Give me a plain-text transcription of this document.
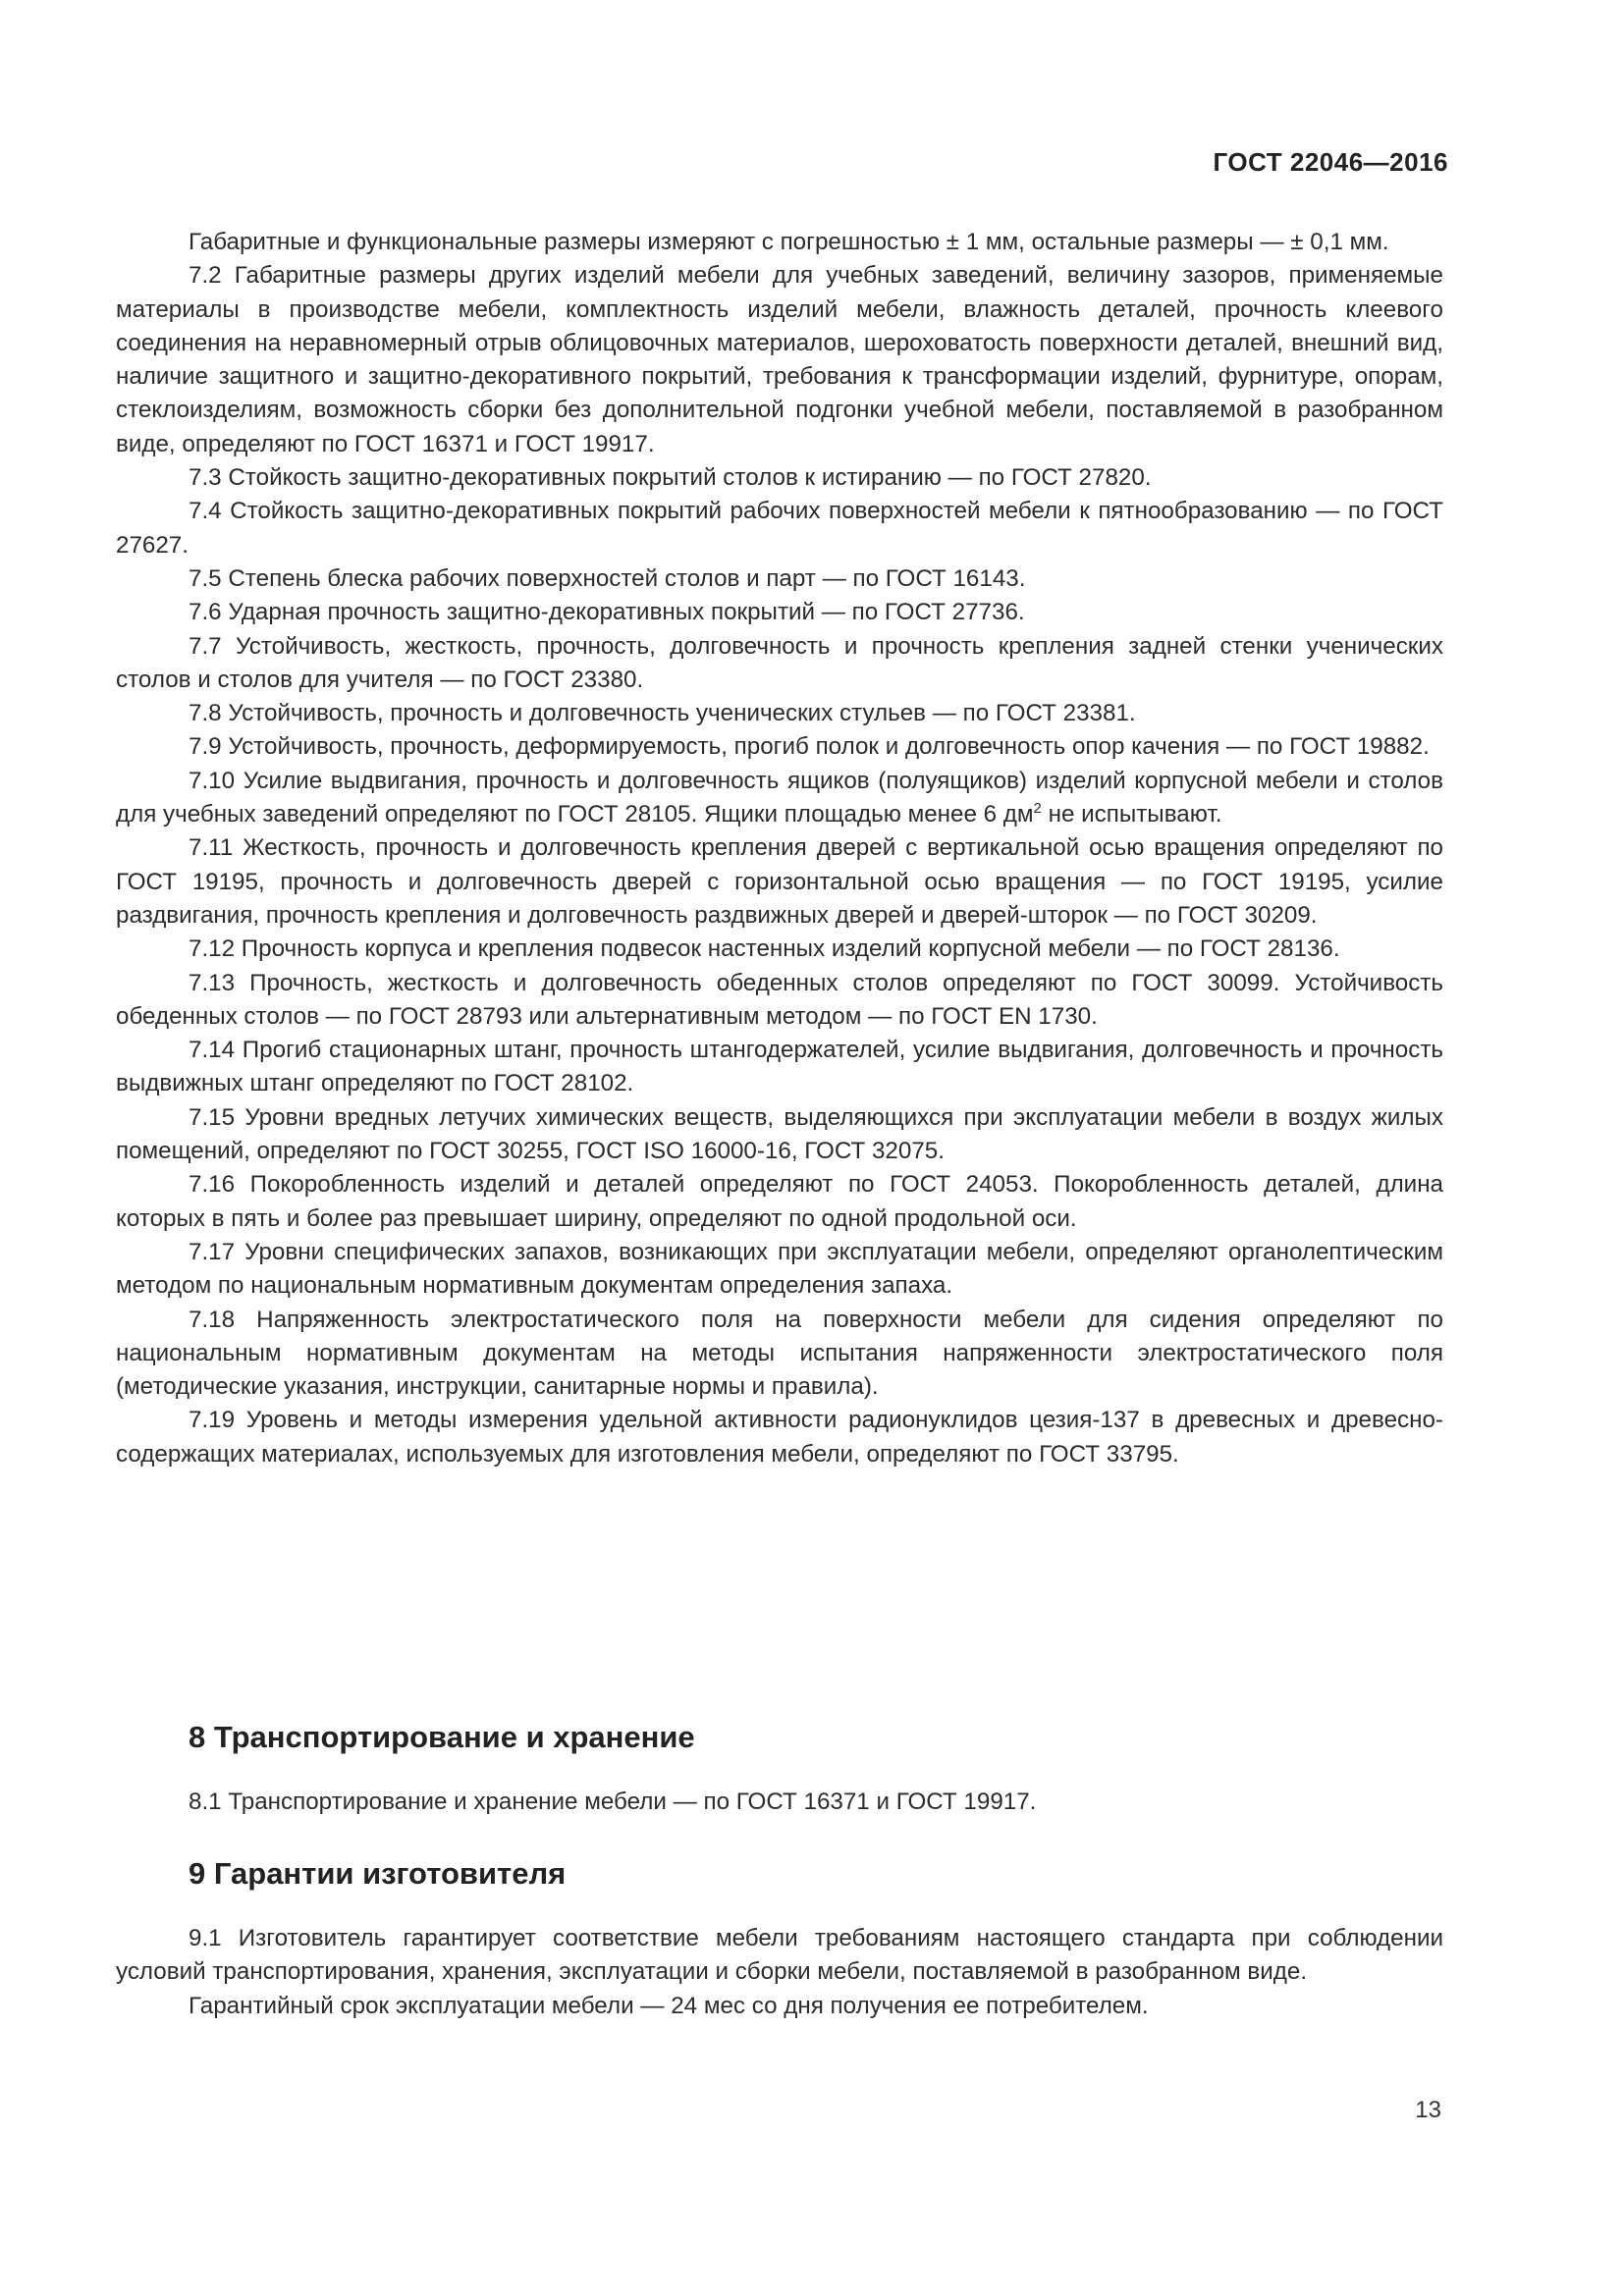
ГОСТ 22046—2016

Габаритные и функциональные размеры измеряют с погрешностью ± 1 мм, остальные размеры — ± 0,1 мм.

7.2 Габаритные размеры других изделий мебели для учебных заведений, величину зазоров, применяемые материалы в производстве мебели, комплектность изделий мебели, влажность деталей, прочность клеевого соединения на неравномерный отрыв облицовочных материалов, шероховатость поверхности деталей, внешний вид, наличие защитного и защитно-декоративного покрытий, требования к трансформации изделий, фурнитуре, опорам, стеклоизделиям, возможность сборки без дополнительной подгонки учебной мебели, поставляемой в разобранном виде, определяют по ГОСТ 16371 и ГОСТ 19917.

7.3 Стойкость защитно-декоративных покрытий столов к истиранию — по ГОСТ 27820.

7.4 Стойкость защитно-декоративных покрытий рабочих поверхностей мебели к пятнообразованию — по ГОСТ 27627.

7.5 Степень блеска рабочих поверхностей столов и парт — по ГОСТ 16143.

7.6 Ударная прочность защитно-декоративных покрытий — по ГОСТ 27736.

7.7 Устойчивость, жесткость, прочность, долговечность и прочность крепления задней стенки ученических столов и столов для учителя — по ГОСТ 23380.

7.8 Устойчивость, прочность и долговечность ученических стульев — по ГОСТ 23381.

7.9 Устойчивость, прочность, деформируемость, прогиб полок и долговечность опор качения — по ГОСТ 19882.

7.10 Усилие выдвигания, прочность и долговечность ящиков (полуящиков) изделий корпусной мебели и столов для учебных заведений определяют по ГОСТ 28105. Ящики площадью менее 6 $дм^2$ не испытывают.

7.11 Жесткость, прочность и долговечность крепления дверей с вертикальной осью вращения определяют по ГОСТ 19195, прочность и долговечность дверей с горизонтальной осью вращения — по ГОСТ 19195, усилие раздвигания, прочность крепления и долговечность раздвижных дверей и дверей-шторок — по ГОСТ 30209.

7.12 Прочность корпуса и крепления подвесок настенных изделий корпусной мебели — по ГОСТ 28136.

7.13 Прочность, жесткость и долговечность обеденных столов определяют по ГОСТ 30099. Устойчивость обеденных столов — по ГОСТ 28793 или альтернативным методом — по ГОСТ EN 1730.

7.14 Прогиб стационарных штанг, прочность штангодержателей, усилие выдвигания, долговечность и прочность выдвижных штанг определяют по ГОСТ 28102.

7.15 Уровни вредных летучих химических веществ, выделяющихся при эксплуатации мебели в воздух жилых помещений, определяют по ГОСТ 30255, ГОСТ ISO 16000-16, ГОСТ 32075.

7.16 Покоробленность изделий и деталей определяют по ГОСТ 24053. Покоробленность деталей, длина которых в пять и более раз превышает ширину, определяют по одной продольной оси.

7.17 Уровни специфических запахов, возникающих при эксплуатации мебели, определяют органолептическим методом по национальным нормативным документам определения запаха.

7.18 Напряженность электростатического поля на поверхности мебели для сидения определяют по национальным нормативным документам на методы испытания напряженности электростатического поля (методические указания, инструкции, санитарные нормы и правила).

7.19 Уровень и методы измерения удельной активности радионуклидов цезия-137 в древесных и древесно-содержащих материалах, используемых для изготовления мебели, определяют по ГОСТ 33795.

8 Транспортирование и хранение

8.1 Транспортирование и хранение мебели — по ГОСТ 16371 и ГОСТ 19917.

9 Гарантии изготовителя

9.1 Изготовитель гарантирует соответствие мебели требованиям настоящего стандарта при соблюдении условий транспортирования, хранения, эксплуатации и сборки мебели, поставляемой в разобранном виде.

Гарантийный срок эксплуатации мебели — 24 мес со дня получения ее потребителем.

13
